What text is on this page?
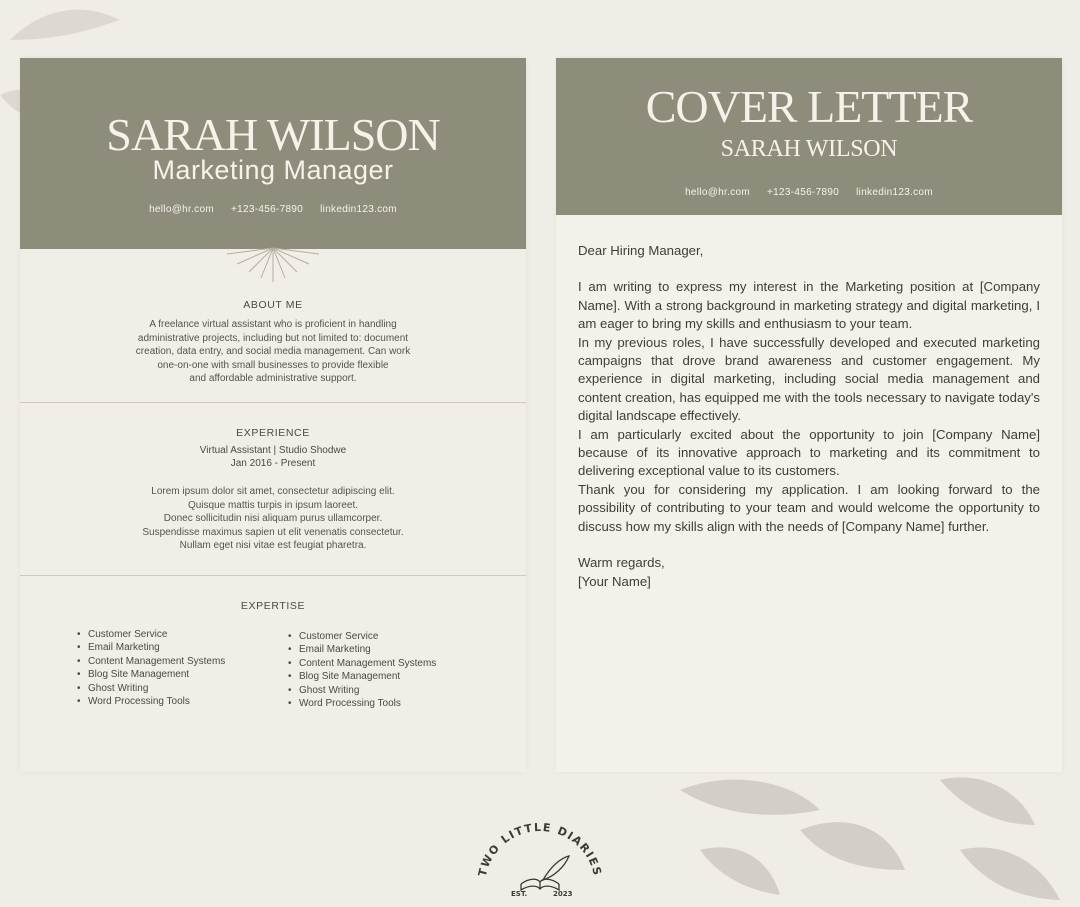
SARAH WILSON
Marketing Manager
hello@hr.com +123-456-7890 linkedin123.com
ABOUT ME
A freelance virtual assistant who is proficient in handling
administrative projects, including but not limited to: document
creation, data entry, and social media management. Can work
one-on-one with small businesses to provide flexible
and affordable administrative support.
EXPERIENCE
Virtual Assistant | Studio Shodwe
Jan 2016 - Present
Lorem ipsum dolor sit amet, consectetur adipiscing elit.
Quisque mattis turpis in ipsum laoreet.
Donec sollicitudin nisi aliquam purus ullamcorper.
Suspendisse maximus sapien ut elit venenatis consectetur.
Nullam eget nisi vitae est feugiat pharetra.
EXPERTISE
• Customer Service
• Email Marketing
• Content Management Systems
• Blog Site Management
• Ghost Writing
• Word Processing Tools
• Customer Service
• Email Marketing
• Content Management Systems
• Blog Site Management
• Ghost Writing
• Word Processing Tools
COVER LETTER
SARAH WILSON
hello@hr.com +123-456-7890 linkedin123.com

Dear Hiring Manager,

I am writing to express my interest in the Marketing position at [Company Name]. With a strong background in marketing strategy and digital marketing, I am eager to bring my skills and enthusiasm to your team.

In my previous roles, I have successfully developed and executed marketing campaigns that drove brand awareness and customer engagement. My experience in digital marketing, including social media management and content creation, has equipped me with the tools necessary to navigate today's digital landscape effectively.

I am particularly excited about the opportunity to join [Company Name] because of its innovative approach to marketing and its commitment to delivering exceptional value to its customers.

Thank you for considering my application. I am looking forward to the possibility of contributing to your team and would welcome the opportunity to discuss how my skills align with the needs of [Company Name] further.

Warm regards,

[Your Name]

TWO LITTLE DIARIES
EST.	2023
